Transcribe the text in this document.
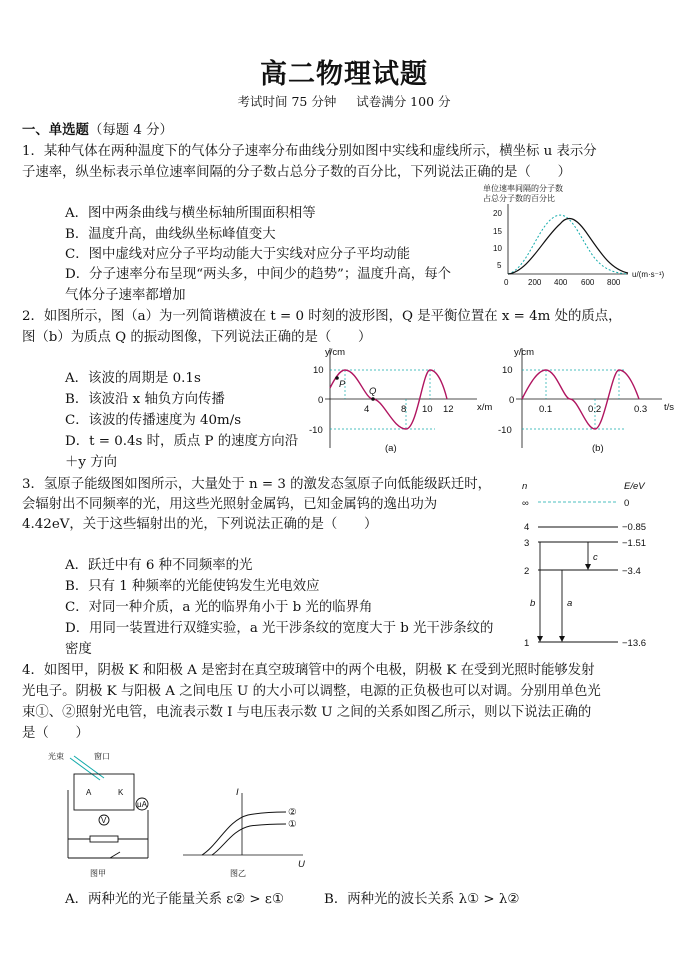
高二物理试题
考试时间 75 分钟 试卷满分 100 分
一、单选题（每题 4 分）
1．某种气体在两种温度下的气体分子速率分布曲线分别如图中实线和虚线所示，横坐标 u 表示分
子速率，纵坐标表示单位速率间隔的分子数占总分子数的百分比，下列说法正确的是（　　）
A．图中两条曲线与横坐标轴所围面积相等
B．温度升高，曲线纵坐标峰值变大
C．图中虚线对应分子平均动能大于实线对应分子平均动能
D．分子速率分布呈现“两头多，中间少的趋势”；温度升高，每个
气体分子速率都增加
单位速率间隔的分子数
占总分子数的百分比
20
15
10
5
0 200 400 600 800
u/(m·s⁻¹)
2．如图所示，图（a）为一列简谐横波在 t = 0 时刻的波形图，Q 是平衡位置在 x = 4m 处的质点，
图（b）为质点 Q 的振动图像，下列说法正确的是（　　）
A．该波的周期是 0.1s
B．该波沿 x 轴负方向传播
C．该波的传播速度为 40m/s
D．t = 0.4s 时，质点 P 的速度方向沿
＋y 方向
y/cm
x/m
10
0
-10
P
Q
4	8 10 12
(a)
y/cm
t/s
10
0
-10
0.1	0.2	0.3
(b)
3．氢原子能级图如图所示，大量处于 n = 3 的激发态氢原子向低能级跃迁时，
会辐射出不同频率的光，用这些光照射金属钨，已知金属钨的逸出功为
4.42eV，关于这些辐射出的光，下列说法正确的是（　　）
A．跃迁中有 6 种不同频率的光
B．只有 1 种频率的光能使钨发生光电效应
C．对同一种介质，a 光的临界角小于 b 光的临界角
D．用同一装置进行双缝实验，a 光干涉条纹的宽度大于 b 光干涉条纹的
密度
n	E/eV
∞	0
4	−0.85
3	−1.51
2	−3.4
1	−13.6
c
a
b
4．如图甲，阴极 K 和阳极 A 是密封在真空玻璃管中的两个电极，阴极 K 在受到光照时能够发射
光电子。阴极 K 与阳极 A 之间电压 U 的大小可以调整，电源的正负极也可以对调。分别用单色光
束①、②照射光电管，电流表示数 I 与电压表示数 U 之间的关系如图乙所示，则以下说法正确的
是（　　）
光束	窗口
A	K
μA
V
图甲
I
U
②
①
图乙
A．两种光的光子能量关系 ε② > ε①	B．两种光的波长关系 λ① > λ②
